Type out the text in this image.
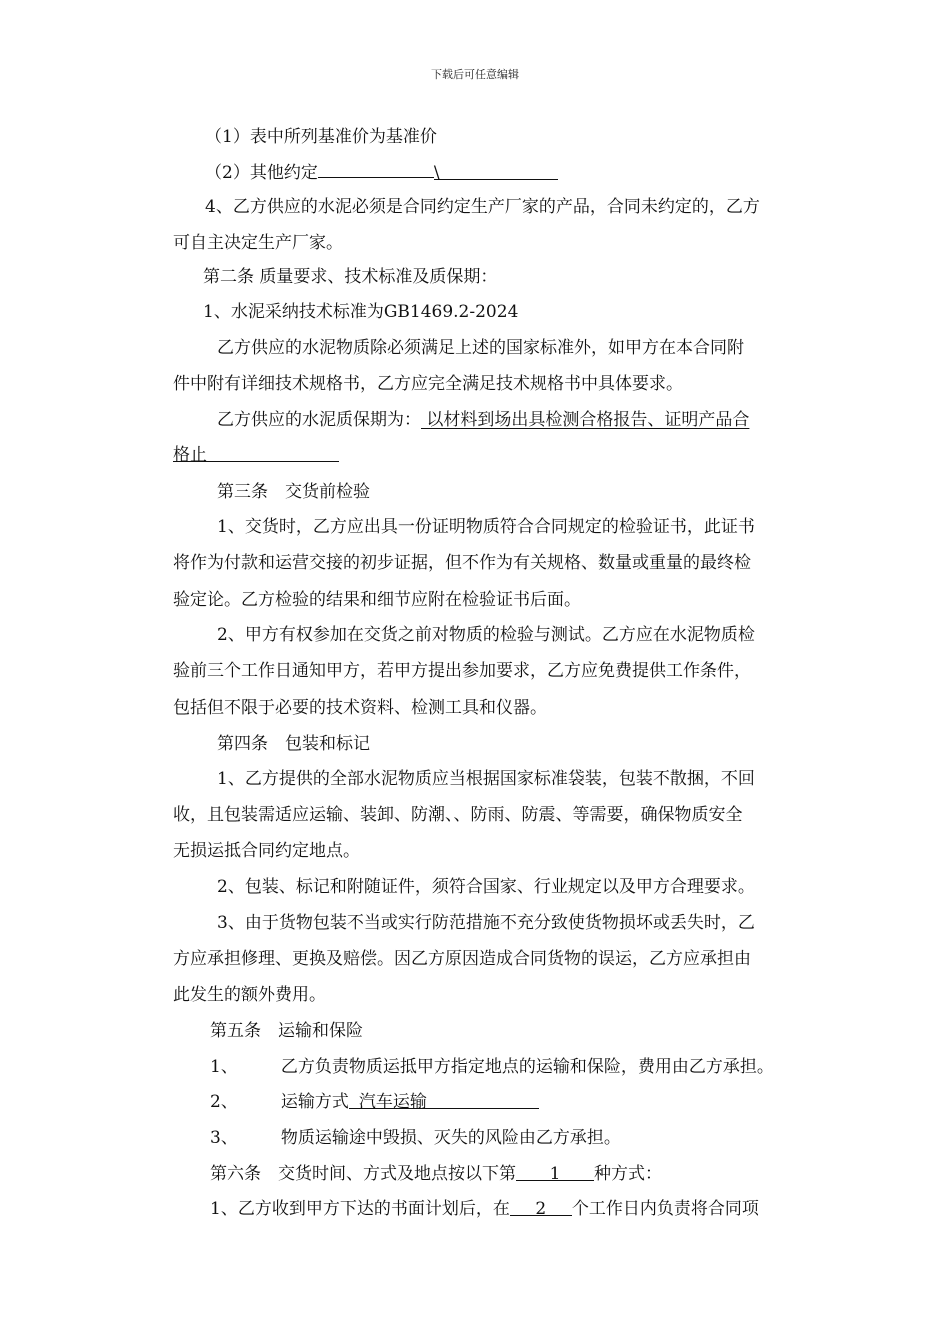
下载后可任意编辑
（1）表中所列基准价为基准价
（2）其他约定	\
4、乙方供应的水泥必须是合同约定生产厂家的产品，合同未约定的，乙方
可自主决定生产厂家。
第二条 质量要求、技术标准及质保期：
1、水泥采纳技术标准为GB1469.2-2024
乙方供应的水泥物质除必须满足上述的国家标准外，如甲方在本合同附
件中附有详细技术规格书，乙方应完全满足技术规格书中具体要求。
乙方供应的水泥质保期为： 以材料到场出具检测合格报告、证明产品合
格止
第三条　交货前检验
1、交货时，乙方应出具一份证明物质符合合同规定的检验证书，此证书
将作为付款和运营交接的初步证据，但不作为有关规格、数量或重量的最终检
验定论。乙方检验的结果和细节应附在检验证书后面。
2、甲方有权参加在交货之前对物质的检验与测试。乙方应在水泥物质检
验前三个工作日通知甲方，若甲方提出参加要求，乙方应免费提供工作条件，
包括但不限于必要的技术资料、检测工具和仪器。
第四条　包装和标记
1、乙方提供的全部水泥物质应当根据国家标准袋装，包装不散捆，不回
收，且包装需适应运输、装卸、防潮、、防雨、防震、等需要，确保物质安全
无损运抵合同约定地点。
2、包装、标记和附随证件，须符合国家、行业规定以及甲方合理要求。
3、由于货物包装不当或实行防范措施不充分致使货物损坏或丢失时，乙
方应承担修理、更换及赔偿。因乙方原因造成合同货物的误运，乙方应承担由
此发生的额外费用。
第五条　运输和保险
1、	乙方负责物质运抵甲方指定地点的运输和保险，费用由乙方承担。
2、	运输方式 汽车运输
3、	物质运输途中毁损、灭失的风险由乙方承担。
第六条　交货时间、方式及地点按以下第 1 种方式：
1、乙方收到甲方下达的书面计划后，在 2 个工作日内负责将合同项
